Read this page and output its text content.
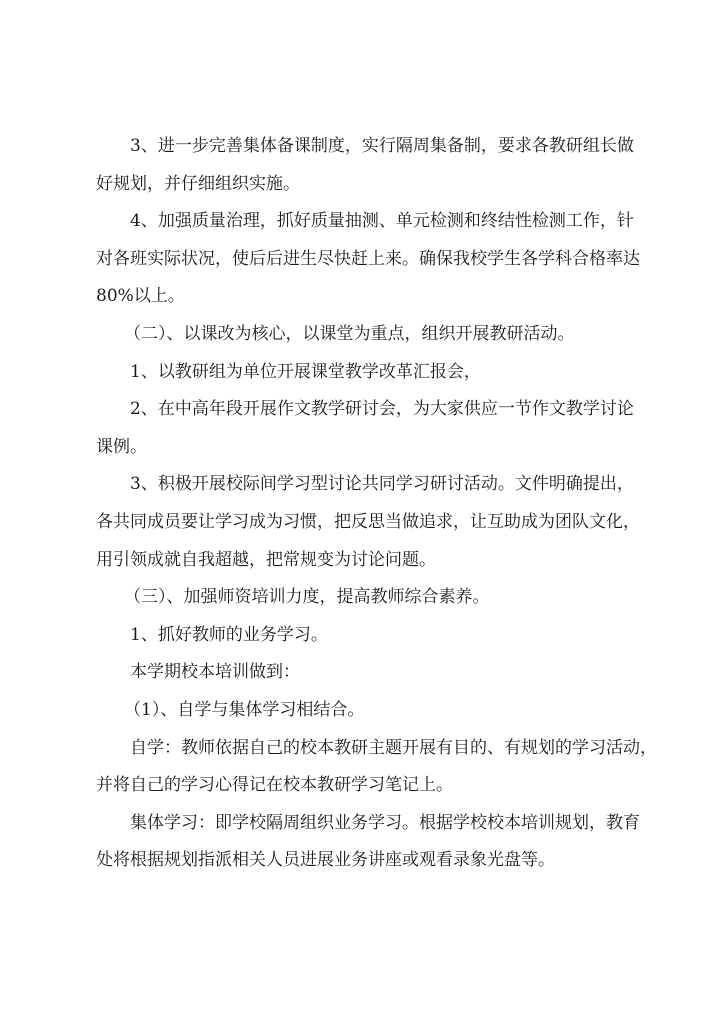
3、进一步完善集体备课制度，实行隔周集备制，要求各教研组长做
好规划，并仔细组织实施。
4、加强质量治理，抓好质量抽测、单元检测和终结性检测工作，针
对各班实际状况，使后后进生尽快赶上来。确保我校学生各学科合格率达
80%以上。
（二）、以课改为核心，以课堂为重点，组织开展教研活动。
1、以教研组为单位开展课堂教学改革汇报会，
2、在中高年段开展作文教学研讨会，为大家供应一节作文教学讨论
课例。
3、积极开展校际间学习型讨论共同学习研讨活动。文件明确提出，
各共同成员要让学习成为习惯，把反思当做追求，让互助成为团队文化，
用引领成就自我超越，把常规变为讨论问题。
（三）、加强师资培训力度，提高教师综合素养。
1、抓好教师的业务学习。
本学期校本培训做到：
（1）、自学与集体学习相结合。
自学：教师依据自己的校本教研主题开展有目的、有规划的学习活动，
并将自己的学习心得记在校本教研学习笔记上。
集体学习：即学校隔周组织业务学习。根据学校校本培训规划，教育
处将根据规划指派相关人员进展业务讲座或观看录象光盘等。
